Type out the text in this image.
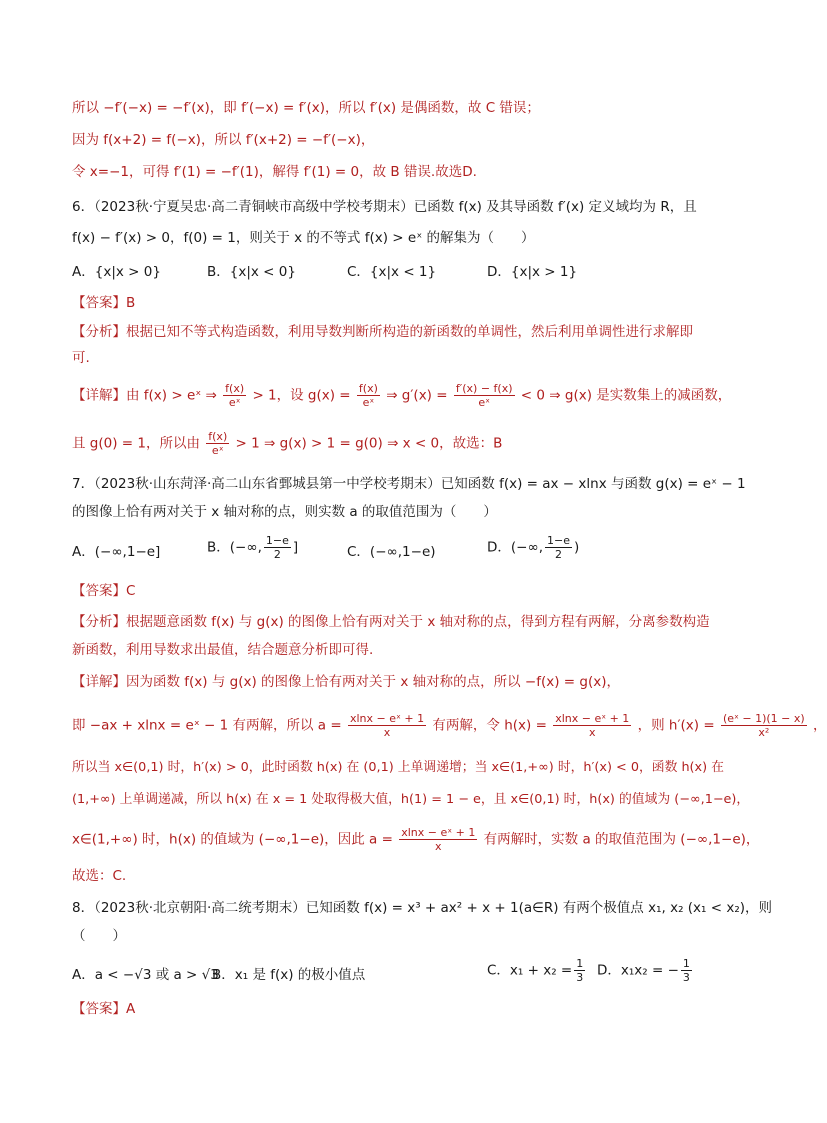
所以 −f′(−x) = −f′(x)，即 f′(−x) = f′(x)，所以 f′(x) 是偶函数，故 C 错误；
因为 f(x+2) = f(−x)，所以 f′(x+2) = −f′(−x)，
令 x=−1，可得 f′(1) = −f′(1)，解得 f′(1) = 0，故 B 错误.故选D.
6．（2023秋·宁夏吴忠·高二青铜峡市高级中学校考期末）已函数 f(x) 及其导函数 f′(x) 定义域均为 R，且
f(x) − f′(x) > 0，f(0) = 1，则关于 x 的不等式 f(x) > eˣ 的解集为（　　）
A．{x|x > 0}	B．{x|x < 0}	C．{x|x < 1}	D．{x|x > 1}
【答案】B
【分析】根据已知不等式构造函数，利用导数判断所构造的新函数的单调性，然后利用单调性进行求解即
可.
【详解】由 f(x) > eˣ ⇒ $\frac{f(x)}{\text{eˣ}} > 1$，设 $g(x) = \frac{f(x)}{\text{eˣ}}$ ⇒ $g'(x) = \frac{f'(x) - f(x)}{\text{eˣ}} < 0$ ⇒ g(x) 是实数集上的减函数，
且 g(0) = 1，所以由 $\frac{f(x)}{\text{eˣ}} > 1$ ⇒ g(x) > 1 = g(0) ⇒ x < 0，故选：B
7．（2023秋·山东菏泽·高二山东省鄄城县第一中学校考期末）已知函数 f(x) = ax − xlnx 与函数 g(x) = eˣ − 1
的图像上恰有两对关于 x 轴对称的点，则实数 a 的取值范围为（　　）
A．(−∞,1−e]	B．(−∞, $\frac{1-e}{2}$ ]	C．(−∞,1−e)	D．(−∞, $\frac{1-e}{2}$ )
【答案】C
【分析】根据题意函数 f(x) 与 g(x) 的图像上恰有两对关于 x 轴对称的点，得到方程有两解，分离参数构造
新函数，利用导数求出最值，结合题意分析即可得.
【详解】因为函数 f(x) 与 g(x) 的图像上恰有两对关于 x 轴对称的点，所以 −f(x) = g(x)，
即 −ax + xlnx = eˣ − 1 有两解，所以 $a = \frac{\text{xlnx − eˣ + 1}}{x}$ 有两解，令 $h(x) = \frac{\text{xlnx − eˣ + 1}}{x}$ ，则 $h'(x) = \frac{\text{(eˣ − 1)(1 − x)}}{\text{x²}}$ ，
所以当 x∈(0,1) 时，h′(x) > 0，此时函数 h(x) 在 (0,1) 上单调递增；当 x∈(1,+∞) 时，h′(x) < 0，函数 h(x) 在
(1,+∞) 上单调递减，所以 h(x) 在 x = 1 处取得极大值，h(1) = 1 − e，且 x∈(0,1) 时，h(x) 的值域为 (−∞,1−e)，
x∈(1,+∞) 时，h(x) 的值域为 (−∞,1−e)，因此 $a = \frac{\text{xlnx − eˣ + 1}}{x}$ 有两解时，实数 a 的取值范围为 (−∞,1−e)，
故选：C.
8．（2023秋·北京朝阳·高二统考期末）已知函数 f(x) = x³ + ax² + x + 1(a∈R) 有两个极值点 x₁, x₂ (x₁ < x₂)，则
（　　）
A．a < −√3 或 a > √3
B．x₁ 是 f(x) 的极小值点	C．$x_1 + x_2 = \frac{1}{3}$ D．x₁x₂ = − $\frac{1}{3}$
【答案】A
